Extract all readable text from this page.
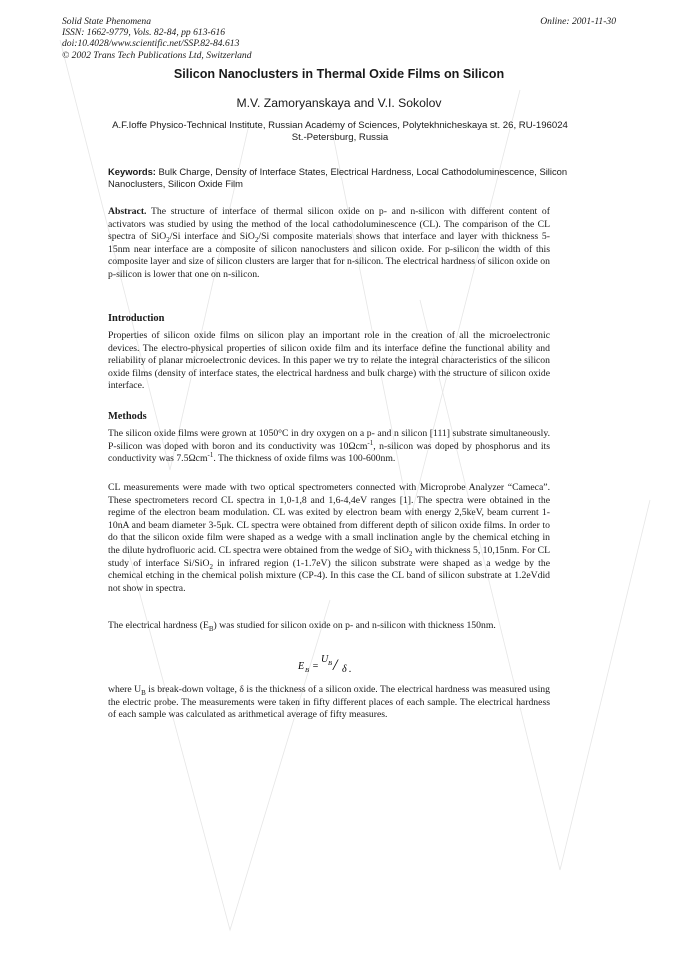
Solid State Phenomena
ISSN: 1662-9779, Vols. 82-84, pp 613-616
doi:10.4028/www.scientific.net/SSP.82-84.613
© 2002 Trans Tech Publications Ltd, Switzerland
Online: 2001-11-30
Silicon Nanoclusters in Thermal Oxide Films on Silicon
M.V. Zamoryanskaya and V.I. Sokolov
A.F.Ioffe Physico-Technical Institute, Russian Academy of Sciences, Polytekhnicheskaya st. 26, RU-196024 St.-Petersburg, Russia
Keywords: Bulk Charge, Density of Interface States, Electrical Hardness, Local Cathodoluminescence, Silicon Nanoclusters, Silicon Oxide Film

Abstract. The structure of interface of thermal silicon oxide on p- and n-silicon with different content of activators was studied by using the method of the local cathodoluminescence (CL). The comparison of the CL spectra of SiO$_2$/Si interface and SiO$_2$/Si composite materials shows that interface and layer with thickness 5-15nm near interface are a composite of silicon nanoclusters and silicon oxide. For p-silicon the width of this composite layer and size of silicon clusters are larger that for n-silicon. The electrical hardness of silicon oxide on p-silicon is lower that one on n-silicon.

Introduction

Properties of silicon oxide films on silicon play an important role in the creation of all the microelectronic devices. The electro-physical properties of silicon oxide film and its interface define the functional ability and reliability of planar microelectronic devices. In this paper we try to relate the integral characteristics of the silicon oxide films (density of interface states, the electrical hardness and bulk charge) with the structure of silicon oxide interface.

Methods

The silicon oxide films were grown at 1050°C in dry oxygen on a p- and n silicon [111] substrate simultaneously. P-silicon was doped with boron and its conductivity was 10Ωcm$^{-1}$, n-silicon was doped by phosphorus and its conductivity was 7.5Ωcm$^{-1}$. The thickness of oxide films was 100-600nm.

CL measurements were made with two optical spectrometers connected with Microprobe Analyzer “Cameca”. These spectrometers record CL spectra in 1,0-1,8 and 1,6-4,4eV ranges [1]. The spectra were obtained in the regime of the electron beam modulation. CL was exited by electron beam with energy 2,5keV, beam current 1-10nA and beam diameter 3-5μk. CL spectra were obtained from different depth of silicon oxide films. In order to do that the silicon oxide film were shaped as a wedge with a small inclination angle by the chemical etching in the dilute hydrofluoric acid. CL spectra were obtained from the wedge of SiO$_2$ with thickness 5, 10,15nm. For CL study of interface Si/SiO$_2$ in infrared region (1-1.7eV) the silicon substrate were shaped as a wedge by the chemical etching in the chemical polish mixture (CP-4). In this case the CL band of silicon substrate at 1.2eVdid not show in spectra.

The electrical hardness $(E_B)$ was studied for silicon oxide on p- and n-silicon with thickness 150nm.

E B =
U B / δ .

where $U_B$ is break-down voltage, δ is the thickness of a silicon oxide. The electrical hardness was measured using the electric probe. The measurements were taken in fifty different places of each sample. The electrical hardness of each sample was calculated as arithmetical average of fifty measures.
